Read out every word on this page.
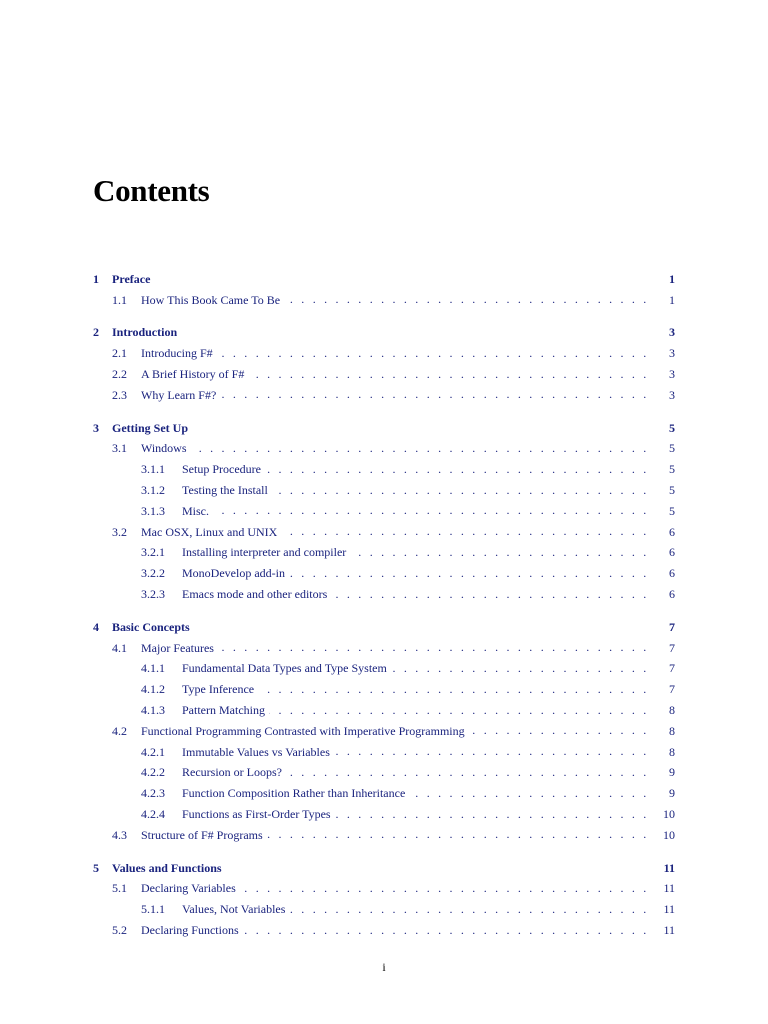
Contents
1	Preface	1
1.1	How This Book Came To Be . . .	1
2	Introduction	3
2.1	Introducing F# . . .	3
2.2	A Brief History of F# . . .	3
2.3	Why Learn F#? . . .	3
3	Getting Set Up	5
3.1	Windows . . .	5
3.1.1	Setup Procedure . . .	5
3.1.2	Testing the Install . . .	5
3.1.3	Misc. . . .	5
3.2	Mac OSX, Linux and UNIX . . .	6
3.2.1	Installing interpreter and compiler . . .	6
3.2.2	MonoDevelop add-in . . .	6
3.2.3	Emacs mode and other editors . . .	6
4	Basic Concepts	7
4.1	Major Features . . .	7
4.1.1	Fundamental Data Types and Type System . . .	7
4.1.2	Type Inference . . .	7
4.1.3	Pattern Matching . . .	8
4.2	Functional Programming Contrasted with Imperative Programming . . .	8
4.2.1	Immutable Values vs Variables . . .	8
4.2.2	Recursion or Loops? . . .	9
4.2.3	Function Composition Rather than Inheritance . . .	9
4.2.4	Functions as First-Order Types . . .	10
4.3	Structure of F# Programs . . .	10
5	Values and Functions	11
5.1	Declaring Variables . . .	11
5.1.1	Values, Not Variables . . .	11
5.2	Declaring Functions . . .	11
i
